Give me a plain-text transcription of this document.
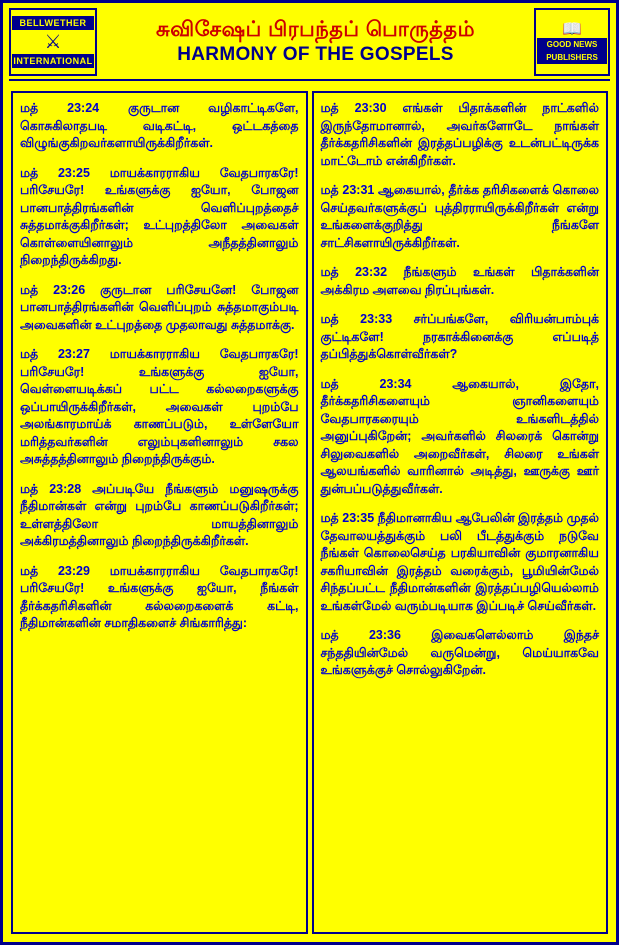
BELLWETHER
⚔
INTERNATIONAL
சுவிசேஷப் பிரபந்தப் பொருத்தம்
HARMONY OF THE GOSPELS
📖
GOOD NEWS
PUBLISHERS

மத் 23:24 குருடான வழிகாட்டிகளே, கொசுகிலாதபடி வடிகட்டி, ஒட்டகத்தை விழுங்குகிறவர்களாயிருக்கிறீர்கள்.

மத் 23:25 மாயக்காரராகிய வேதபாரகரே! பரிசேயரே! உங்களுக்கு ஐயோ, போஜன பானபாத்திரங்களின் வெளிப்புறத்தைச் சுத்தமாக்குகிறீர்கள்; உட்புறத்திலோ அவைகள் கொள்ளையினாலும் அநீதத்தினாலும் நிறைந்திருக்கிறது.

மத் 23:26 குருடான பரிசேயனே! போஜன பானபாத்திரங்களின் வெளிப்புறம் சுத்தமாகும்படி அவைகளின் உட்புறத்தை முதலாவது சுத்தமாக்கு.

மத் 23:27 மாயக்காரராகிய வேதபாரகரே! பரிசேயரே! உங்களுக்கு ஐயோ, வெள்ளையடிக்கப் பட்ட கல்லறைகளுக்கு ஒப்பாயிருக்கிறீர்கள், அவைகள் புறம்பே அலங்காரமாய்க் காணப்படும், உள்ளேயோ மரித்தவர்களின் எலும்புகளினாலும் சகல அசுத்தத்தினாலும் நிறைந்திருக்கும்.

மத் 23:28 அப்படியே நீங்களும் மனுஷருக்கு நீதிமான்கள் என்று புறம்பே காணப்படுகிறீர்கள்; உள்ளத்திலோ மாயத்தினாலும் அக்கிரமத்தினாலும் நிறைந்திருக்கிறீர்கள்.

மத் 23:29 மாயக்காரராகிய வேதபாரகரே! பரிசேயரே! உங்களுக்கு ஐயோ, நீங்கள் தீர்க்கதரிசிகளின் கல்லறைகளைக் கட்டி, நீதிமான்களின் சமாதிகளைச் சிங்காரித்து:

மத் 23:30 எங்கள் பிதாக்களின் நாட்களில் இருந்தோமானால், அவர்களோடே நாங்கள் தீர்க்கதரிசிகளின் இரத்தப்பழிக்கு உடன்பட்டிருக்க மாட்டோம் என்கிறீர்கள்.

மத் 23:31 ஆகையால், தீர்க்க தரிசிகளைக் கொலை செய்தவர்களுக்குப் புத்திரராயிருக்கிறீர்கள் என்று உங்களைக்குறித்து நீங்களே சாட்சிகளாயிருக்கிறீர்கள்.

மத் 23:32 நீங்களும் உங்கள் பிதாக்களின் அக்கிரம அளவை நிரப்புங்கள்.

மத் 23:33 சர்ப்பங்களே, விரியன்பாம்புக் குட்டிகளே! நரகாக்கினைக்கு எப்படித் தப்பித்துக்கொள்வீர்கள்?

மத் 23:34 ஆகையால், இதோ, தீர்க்கதரிசிகளையும் ஞானிகளையும் வேதபாரகரையும் உங்களிடத்தில் அனுப்புகிறேன்; அவர்களில் சிலரைக் கொன்று சிலுவைகளில் அறைவீர்கள், சிலரை உங்கள் ஆலயங்களில் வாரினால் அடித்து, ஊருக்கு ஊர் துன்பப்படுத்துவீர்கள்.

மத் 23:35 நீதிமானாகிய ஆபேலின் இரத்தம் முதல் தேவாலயத்துக்கும் பலி பீடத்துக்கும் நடுவே நீங்கள் கொலைசெய்த பரகியாவின் குமாரனாகிய சகரியாவின் இரத்தம் வரைக்கும், பூமியின்மேல் சிந்தப்பட்ட நீதிமான்களின் இரத்தப்பழியெல்லாம் உங்கள்மேல் வரும்படியாக இப்படிச் செய்வீர்கள்.

மத் 23:36 இவைகளெல்லாம் இந்தச் சந்ததியின்மேல் வருமென்று, மெய்யாகவே உங்களுக்குச் சொல்லுகிறேன்.
